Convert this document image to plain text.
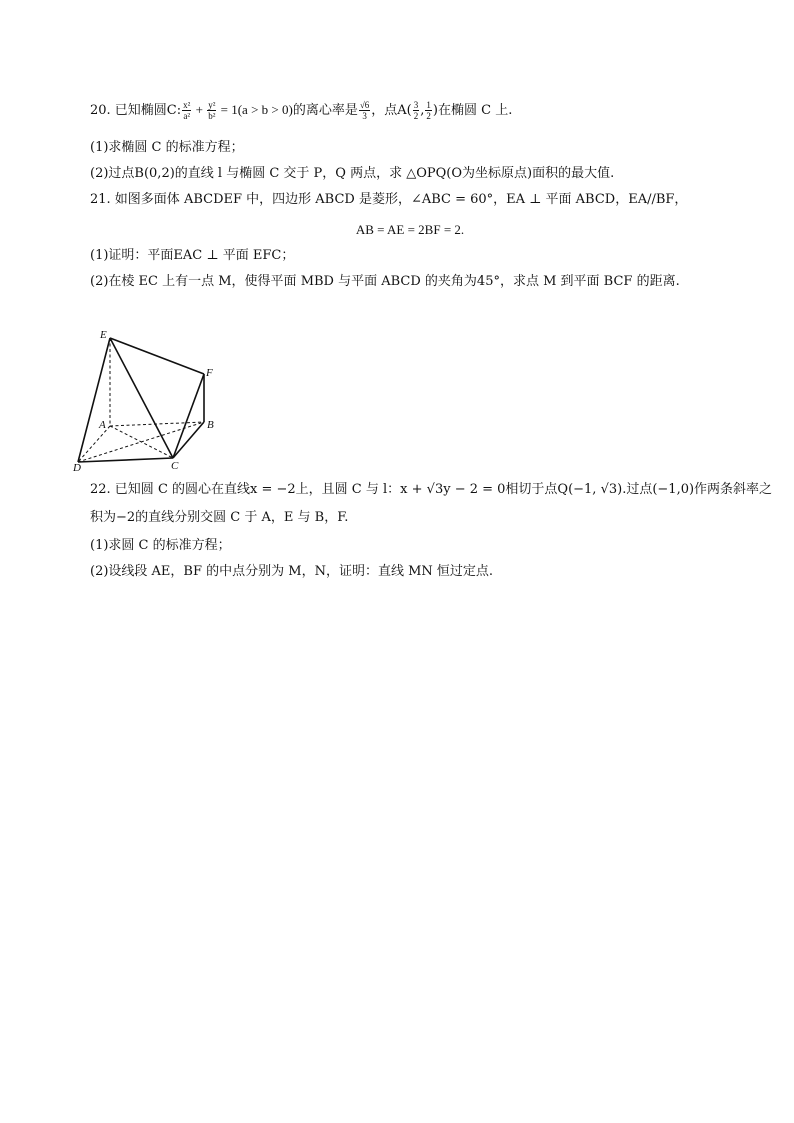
20. 已知椭圆C: $\frac{\text{x²}}{\text{a²}} + \frac{\text{y²}}{\text{b²}} = 1(a > b > 0)$的离心率是 $\frac{√6}{3}$ ，点$A( \frac{3}{2}$ , $\frac{1}{2}$ )在椭圆 C 上.
(1)求椭圆 C 的标准方程；
(2)过点B(0,2)的直线 l 与椭圆 C 交于 P，Q 两点，求 △OPQ(O为坐标原点)面积的最大值.
21. 如图多面体 ABCDEF 中，四边形 ABCD 是菱形，∠ABC = 60°，EA ⊥ 平面 ABCD，EA//BF，
AB = AE = 2BF = 2.
(1)证明：平面EAC ⊥ 平面 EFC；
(2)在棱 EC 上有一点 M，使得平面 MBD 与平面 ABCD 的夹角为45°，求点 M 到平面 BCF 的距离.
E
F
A	B
C
D
22. 已知圆 C 的圆心在直线x = −2上，且圆 C 与 l：x + √3y − 2 = 0相切于点Q(−1, √3).过点(−1,0)作两条斜率之
积为−2的直线分别交圆 C 于 A，E 与 B，F.
(1)求圆 C 的标准方程；
(2)设线段 AE，BF 的中点分别为 M，N，证明：直线 MN 恒过定点.
